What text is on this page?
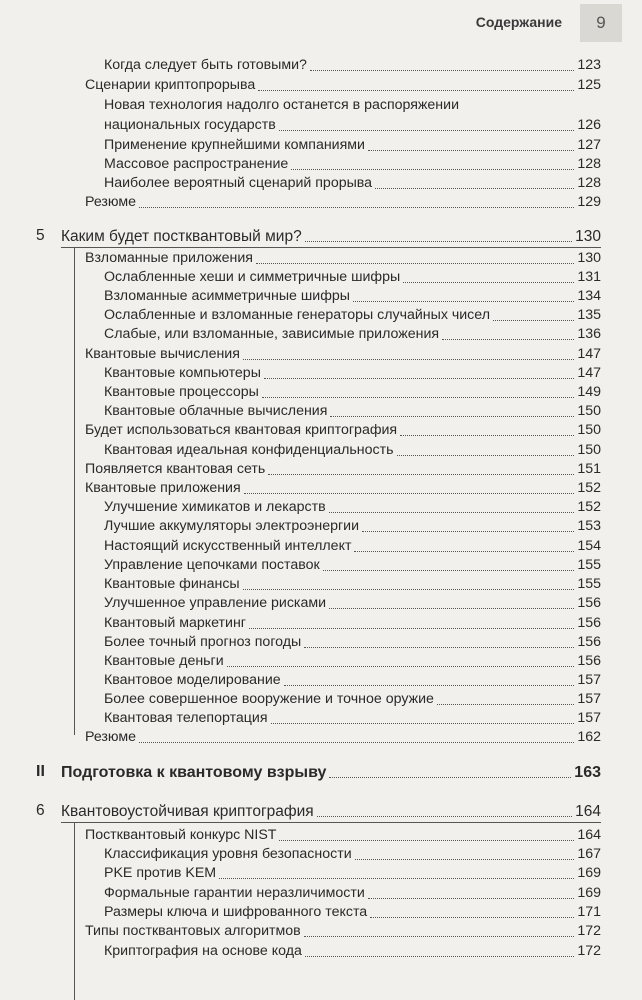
Содержание	9
Когда следует быть готовыми?	123
Сценарии криптопрорыва	125
Новая технология надолго останется в распоряжении
национальных государств	126
Применение крупнейшими компаниями	127
Массовое распространение	128
Наиболее вероятный сценарий прорыва	128
Резюме	129
5 Каким будет постквантовый мир?	130
Взломанные приложения	130
Ослабленные хеши и симметричные шифры	131
Взломанные асимметричные шифры	134
Ослабленные и взломанные генераторы случайных чисел	135
Слабые, или взломанные, зависимые приложения	136
Квантовые вычисления	147
Квантовые компьютеры	147
Квантовые процессоры	149
Квантовые облачные вычисления	150
Будет использоваться квантовая криптография	150
Квантовая идеальная конфиденциальность	150
Появляется квантовая сеть	151
Квантовые приложения	152
Улучшение химикатов и лекарств	152
Лучшие аккумуляторы электроэнергии	153
Настоящий искусственный интеллект	154
Управление цепочками поставок	155
Квантовые финансы	155
Улучшенное управление рисками	156
Квантовый маркетинг	156
Более точный прогноз погоды	156
Квантовые деньги	156
Квантовое моделирование	157
Более совершенное вооружение и точное оружие	157
Квантовая телепортация	157
Резюме	162
II Подготовка к квантовому взрыву	163
6 Квантовоустойчивая криптография	164
Постквантовый конкурс NIST	164
Классификация уровня безопасности	167
PKE против KEM	169
Формальные гарантии неразличимости	169
Размеры ключа и шифрованного текста	171
Типы постквантовых алгоритмов	172
Криптография на основе кода	172
